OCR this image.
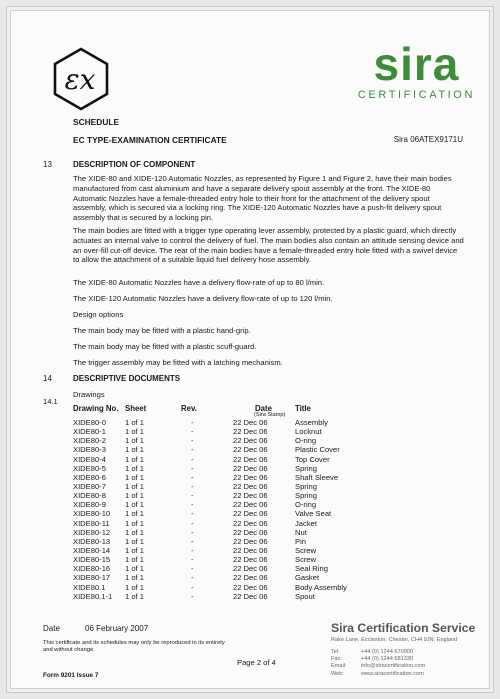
εx	sira
CERTIFICATION
SCHEDULE
EC TYPE-EXAMINATION CERTIFICATE	Sira 06ATEX9171U
13	DESCRIPTION OF COMPONENT
The XIDE-80 and XIDE-120 Automatic Nozzles, as represented by Figure 1 and Figure 2, have their main bodies manufactured from cast aluminium and have a separate delivery spout assembly at the front. The XIDE-80 Automatic Nozzles have a female-threaded entry hole to their front for the attachment of the delivery spout assembly, which is secured via a locking ring. The XIDE-120 Automatic Nozzles have a push-fit delivery spout assembly that is secured by a locking pin.
The main bodies are fitted with a trigger type operating lever assembly, protected by a plastic guard, which directly actuates an internal valve to control the delivery of fuel. The main bodies also contain an attitude sensing device and an over-fill cut-off device. The rear of the main bodies have a female-threaded entry hole fitted with a swivel device to allow the attachment of a suitable liquid fuel delivery hose assembly.
The XIDE-80 Automatic Nozzles have a delivery flow-rate of up to 80 l/min.
The XIDE-120 Automatic Nozzles have a delivery flow-rate of up to 120 l/min.
Design options
The main body may be fitted with a plastic hand-grip.
The main body may be fitted with a plastic scuff-guard.
The trigger assembly may be fitted with a latching mechanism.
14	DESCRIPTIVE DOCUMENTS
14.1
Drawings
Drawing No. Sheet	Rev.	Date	Title
(Sira Stamp)
XIDE80-0	1 of 1	-	22 Dec 06	Assembly
XIDE80-1	1 of 1	-	22 Dec 06	Locknut
XIDE80-2	1 of 1	-	22 Dec 06	O-ring
XIDE80-3	1 of 1	-	22 Dec 06	Plastic Cover
XIDE80-4	1 of 1	-	22 Dec 06	Top Cover
XIDE80-5	1 of 1	-	22 Dec 06	Spring
XIDE80-6	1 of 1	-	22 Dec 06	Shaft Sleeve
XIDE80-7	1 of 1	-	22 Dec 06	Spring
XIDE80-8	1 of 1	-	22 Dec 06	Spring
XIDE80-9	1 of 1	-	22 Dec 06	O-ring
XIDE80-10 1 of 1	-	22 Dec 06	Valve Seat
XIDE80-11 1 of 1	-	22 Dec 06	Jacket
XIDE80-12 1 of 1	-	22 Dec 06	Nut
XIDE80-13 1 of 1	-	22 Dec 06	Pin
XIDE80-14 1 of 1	-	22 Dec 06	Screw
XIDE80-15 1 of 1	-	22 Dec 06	Screw
XIDE80-16 1 of 1	-	22 Dec 06	Seal Ring
XIDE80-17 1 of 1	-	22 Dec 06	Gasket
XIDE80.1	1 of 1	-	22 Dec 06	Body Assembly
XIDE80.1-1 1 of 1	-	22 Dec 06	Spout
Date	06 February 2007
This certificate and its schedules may only be reproduced in its entirety and without change.
Form 9201 Issue 7
Page 2 of 4
Sira Certification Service
Rake Lane, Eccleston, Chester, CH4 9JN, England
Tel:	+44 (0) 1244 670900
Fax:	+44 (0) 1244 681330
Email:	info@siracertification.com
Web:	www.siracertification.com
